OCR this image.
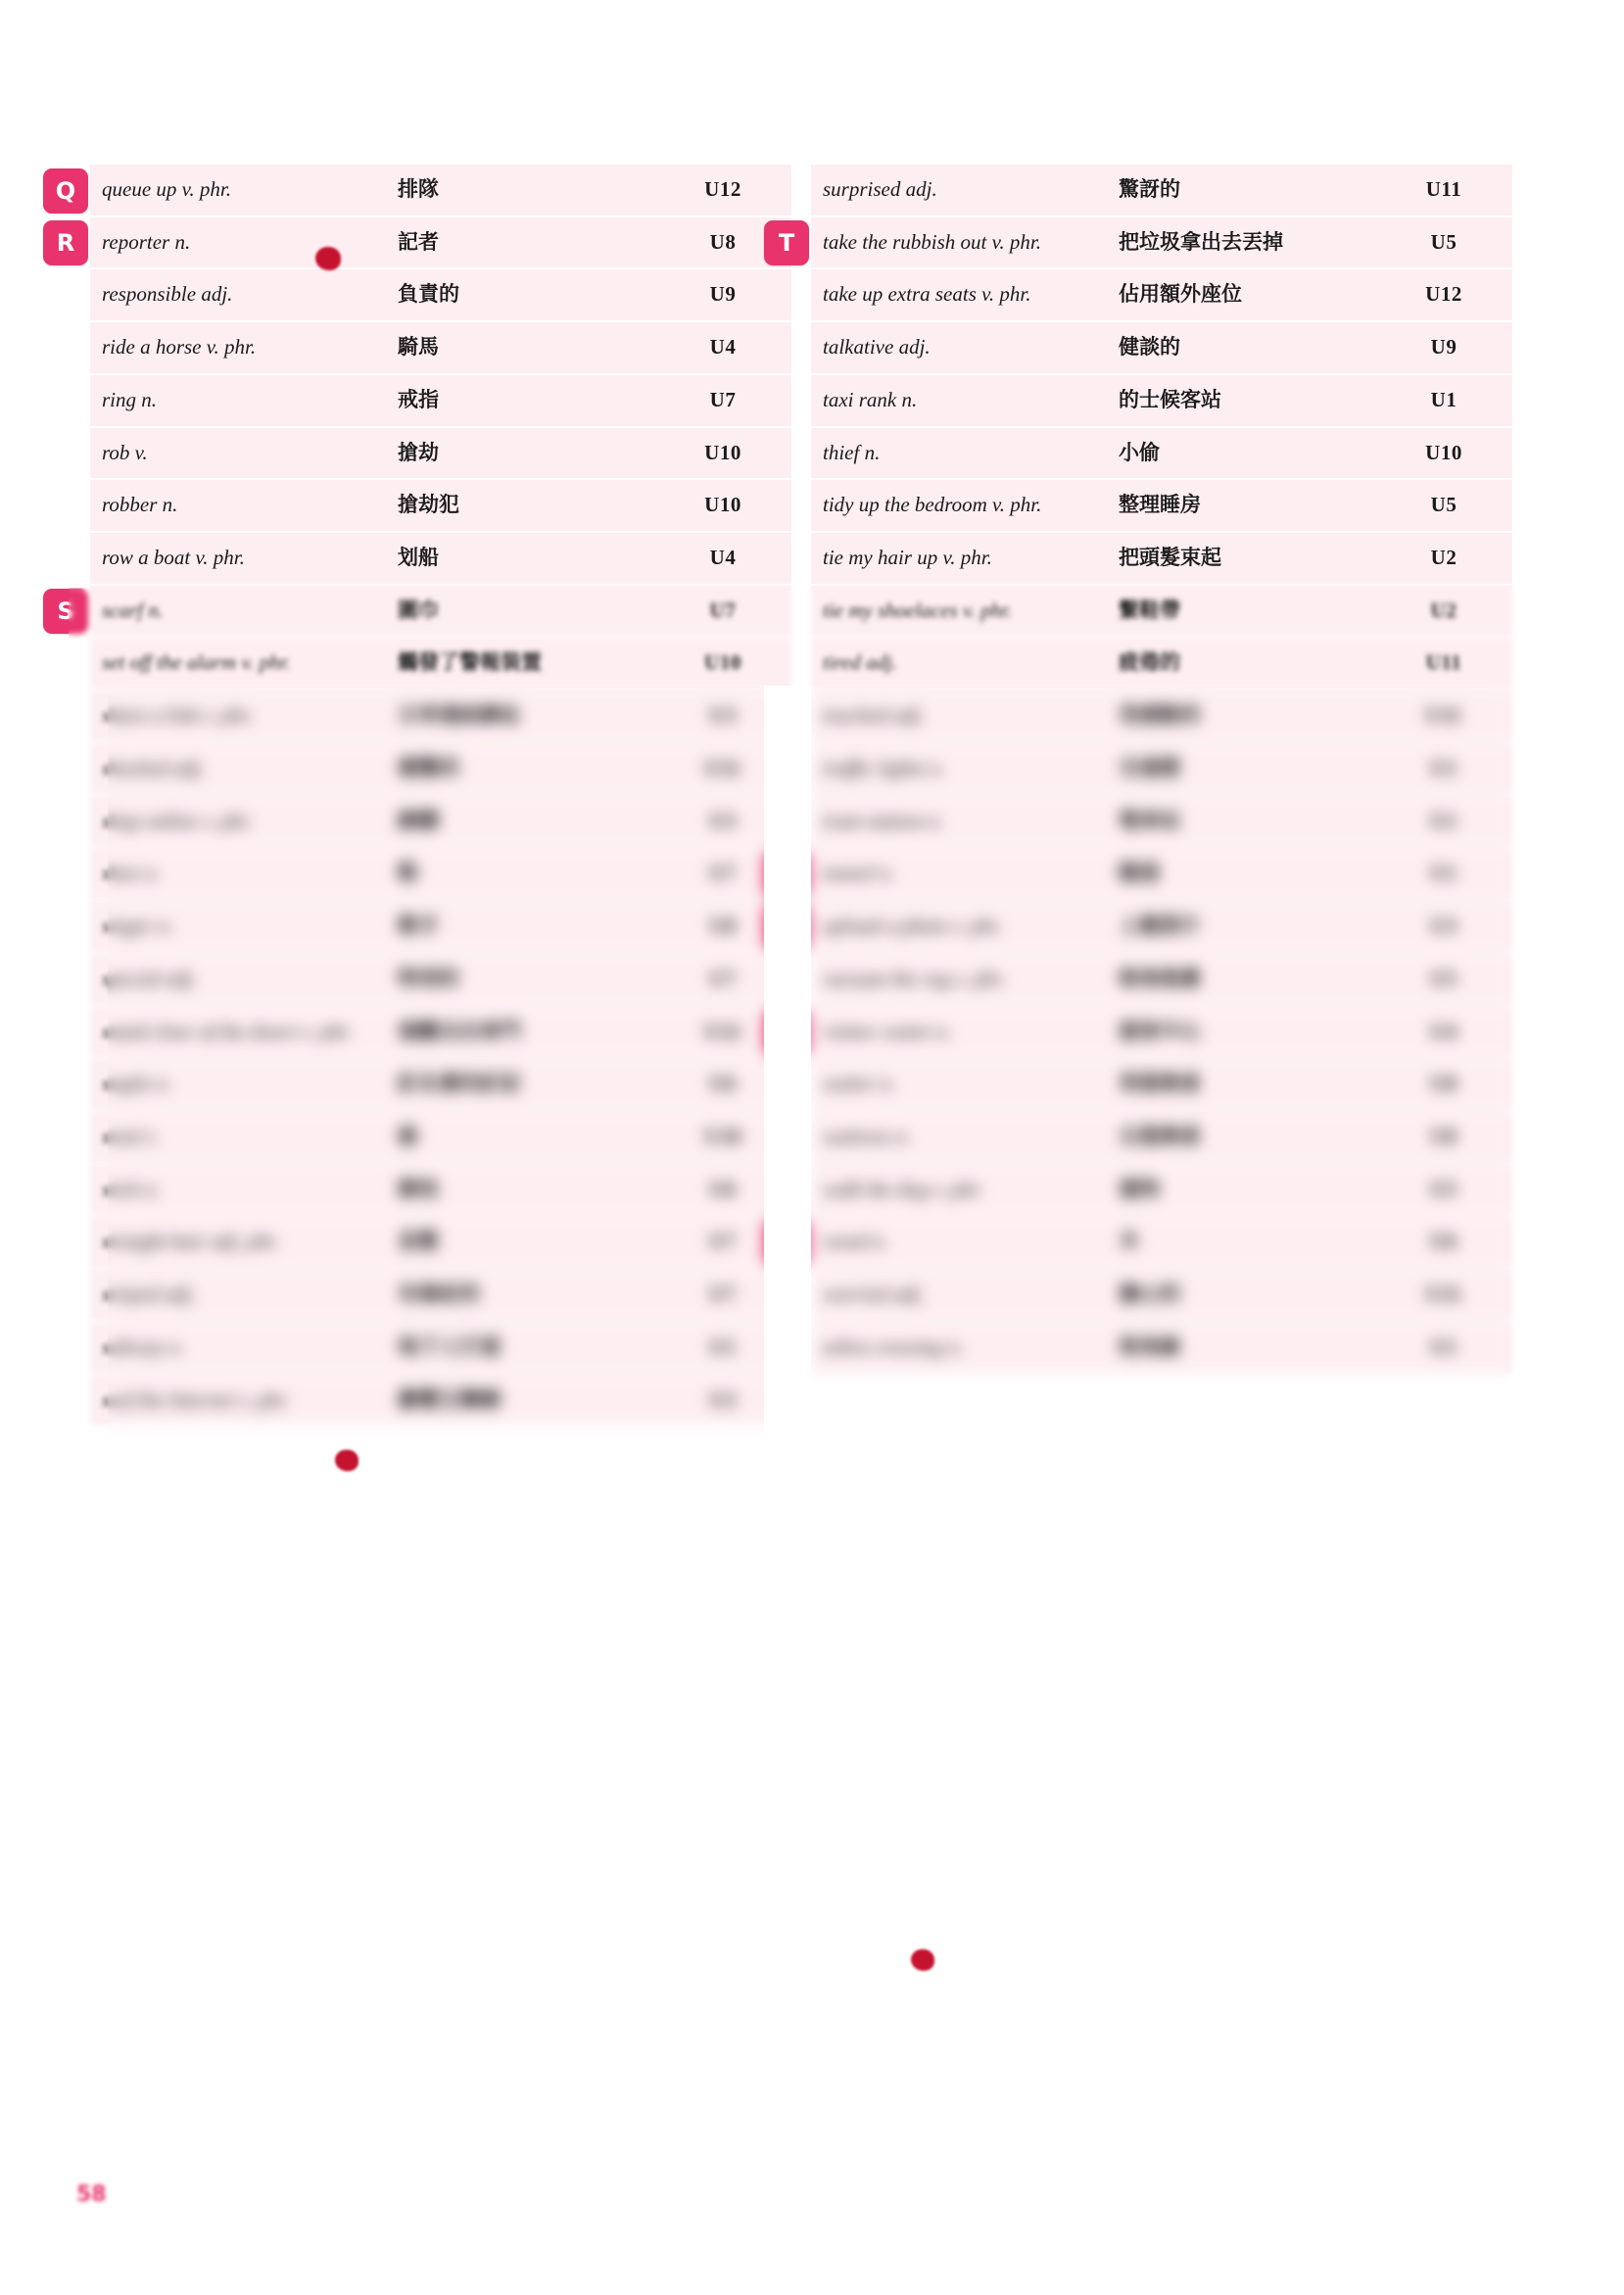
queue up v. phr.	排隊	U12
reporter n.	記者	U8
responsible adj.	負責的	U9
ride a horse v. phr.	騎馬	U4
ring n.	戒指	U7
rob v.	搶劫	U10
robber n.	搶劫犯	U10
row a boat v. phr.	划船	U4
scarf n.	圍巾	U7
set off the alarm v. phr.	觸發了警報裝置	U10
share a link v. phr.	分享連結網址	U3
shocked adj.	震驚的	U11
shop online v. phr.	網購	U3
shoe n.	鞋	U7
singer n.	歌手	U8
special adj.	特別的	U7
stand clear of the doors v. phr.	遠離出出車門	U12
staple n.	釘在書的釘記	U6
steal v.	偷	U10
stick n.	樹枝	U6
straight hair adj. phr.	直髮	U7
striped adj.	有條紋的	U7
subway n.	地下人行道	U1
surf the Internet v. phr.	瀏覽互聯網	U3
surprised adj.	驚訝的	U11
take the rubbish out v. phr.	把垃圾拿出去丟掉	U5
take up extra seats v. phr.	佔用額外座位	U12
talkative adj.	健談的	U9
taxi rank n.	的士候客站	U1
thief n.	小偷	U10
tidy up the bedroom v. phr.	整理睡房	U5
tie my hair up v. phr.	把頭髮束起	U2
tie my shoelaces v. phr.	繫鞋帶	U2
tired adj.	疲倦的	U11
touched adj.	受感動的	U11
traffic lights n.	交通燈	U1
tram station n.	電車站	U1
tunnel n.	隧道	U1
upload a photo v. phr.	上載照片	U3
vacuum the rug v. phr.	吸地毯塵	U5
visitor centre n.	遊客中心	U4
waiter n.	男服務員	U8
waitress n.	女服務員	U8
walk the dog v. phr.	遛狗	U5
wood n.	木	U6
worried adj.	擔心的	U11
zebra crossing n.	斑馬線	U1
Q
R
S
T
58
